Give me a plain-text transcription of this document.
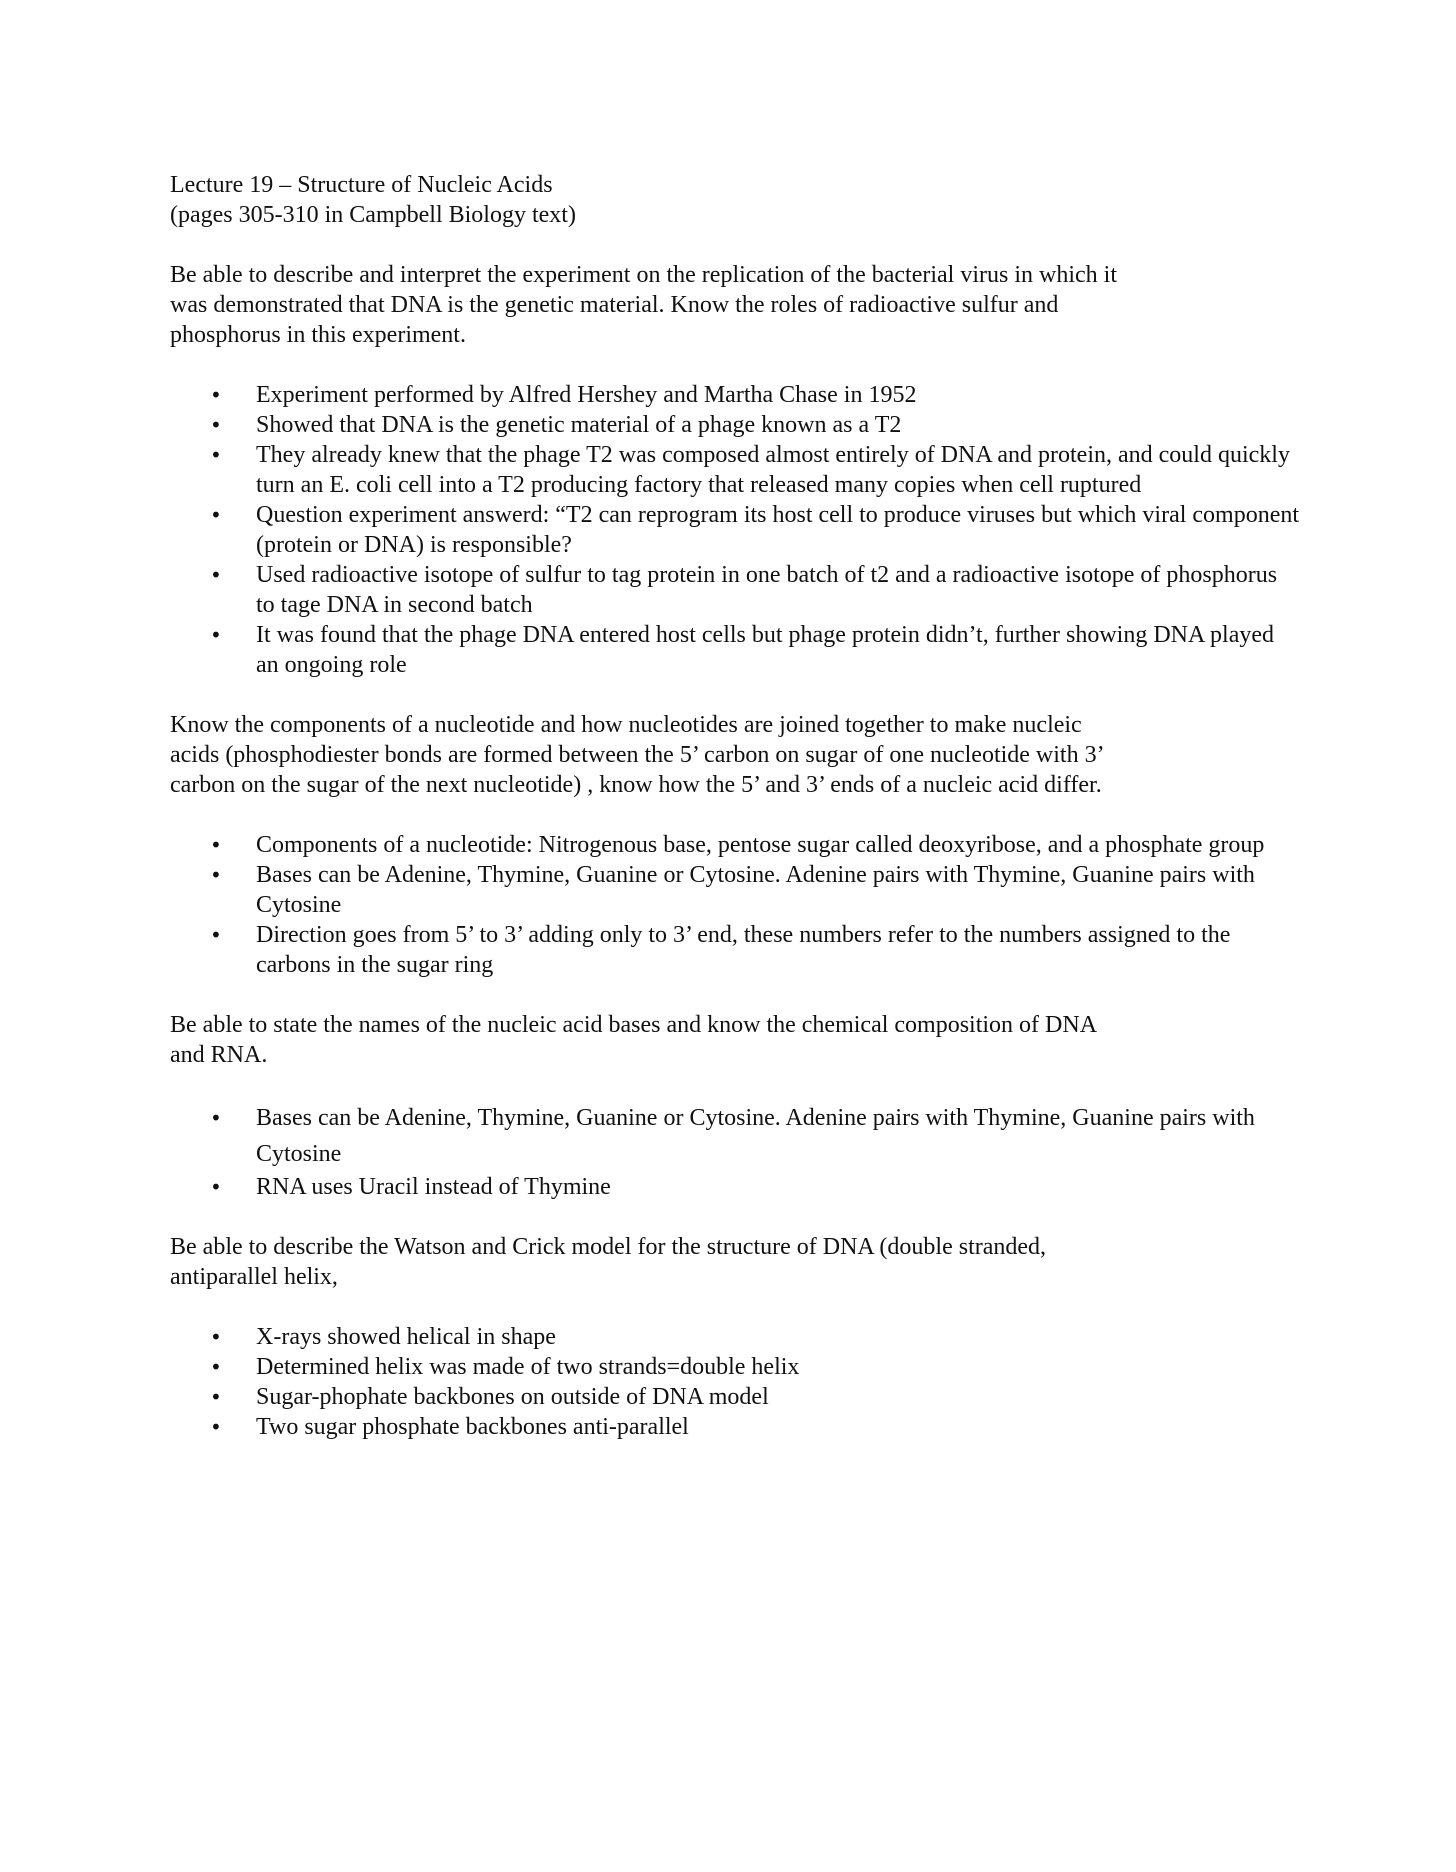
Lecture 19 – Structure of Nucleic Acids
(pages 305-310 in Campbell Biology text)

Be able to describe and interpret the experiment on the replication of the bacterial virus in which it was demonstrated that DNA is the genetic material. Know the roles of radioactive sulfur and phosphorus in this experiment.

• Experiment performed by Alfred Hershey and Martha Chase in 1952
• Showed that DNA is the genetic material of a phage known as a T2
• They already knew that the phage T2 was composed almost entirely of DNA and protein, and could quickly turn an E. coli cell into a T2 producing factory that released many copies when cell ruptured
• Question experiment answerd: “T2 can reprogram its host cell to produce viruses but which viral component (protein or DNA) is responsible?
• Used radioactive isotope of sulfur to tag protein in one batch of t2 and a radioactive isotope of phosphorus to tage DNA in second batch
• It was found that the phage DNA entered host cells but phage protein didn’t, further showing DNA played an ongoing role

Know the components of a nucleotide and how nucleotides are joined together to make nucleic acids (phosphodiester bonds are formed between the 5’ carbon on sugar of one nucleotide with 3’ carbon on the sugar of the next nucleotide) , know how the 5’ and 3’ ends of a nucleic acid differ.

• Components of a nucleotide: Nitrogenous base, pentose sugar called deoxyribose, and a phosphate group
• Bases can be Adenine, Thymine, Guanine or Cytosine. Adenine pairs with Thymine, Guanine pairs with Cytosine
• Direction goes from 5’ to 3’ adding only to 3’ end, these numbers refer to the numbers assigned to the carbons in the sugar ring

Be able to state the names of the nucleic acid bases and know the chemical composition of DNA and RNA.

• Bases can be Adenine, Thymine, Guanine or Cytosine. Adenine pairs with Thymine, Guanine pairs with Cytosine
• RNA uses Uracil instead of Thymine

Be able to describe the Watson and Crick model for the structure of DNA (double stranded, antiparallel helix,

• X-rays showed helical in shape
• Determined helix was made of two strands=double helix
• Sugar-phophate backbones on outside of DNA model
• Two sugar phosphate backbones anti-parallel
